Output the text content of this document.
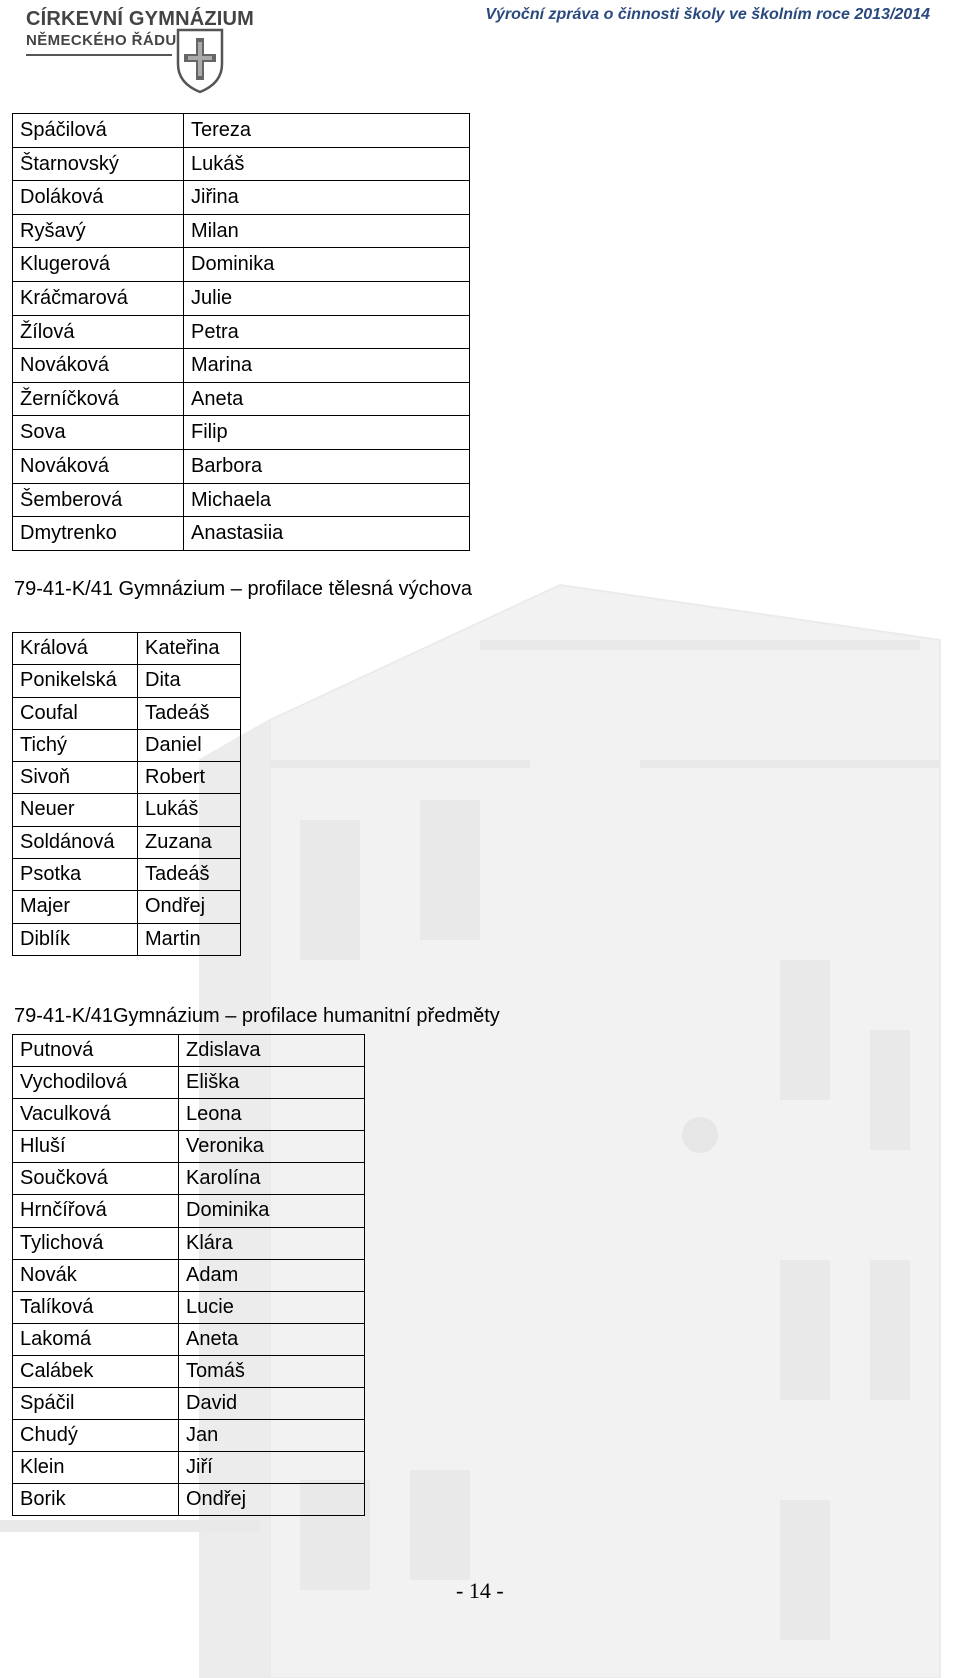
CÍRKEVNÍ GYMNÁZIUM
NĚMECKÉHO ŘÁDU
Výroční zpráva o činnosti školy ve školním roce 2013/2014
Spáčilová	Tereza
Štarnovský	Lukáš
Doláková	Jiřina
Ryšavý	Milan
Klugerová	Dominika
Kráčmarová	Julie
Žílová	Petra
Nováková	Marina
Žerníčková	Aneta
Sova	Filip
Nováková	Barbora
Šemberová	Michaela
Dmytrenko	Anastasiia
79-41-K/41 Gymnázium – profilace tělesná výchova
Králová	Kateřina
Ponikelská	Dita
Coufal	Tadeáš
Tichý	Daniel
Sivoň	Robert
Neuer	Lukáš
Soldánová	Zuzana
Psotka	Tadeáš
Majer	Ondřej
Diblík	Martin
79-41-K/41Gymnázium – profilace humanitní předměty
Putnová	Zdislava
Vychodilová	Eliška
Vaculková	Leona
Hluší	Veronika
Součková	Karolína
Hrnčířová	Dominika
Tylichová	Klára
Novák	Adam
Talíková	Lucie
Lakomá	Aneta
Calábek	Tomáš
Spáčil	David
Chudý	Jan
Klein	Jiří
Borik	Ondřej
- 14 -
